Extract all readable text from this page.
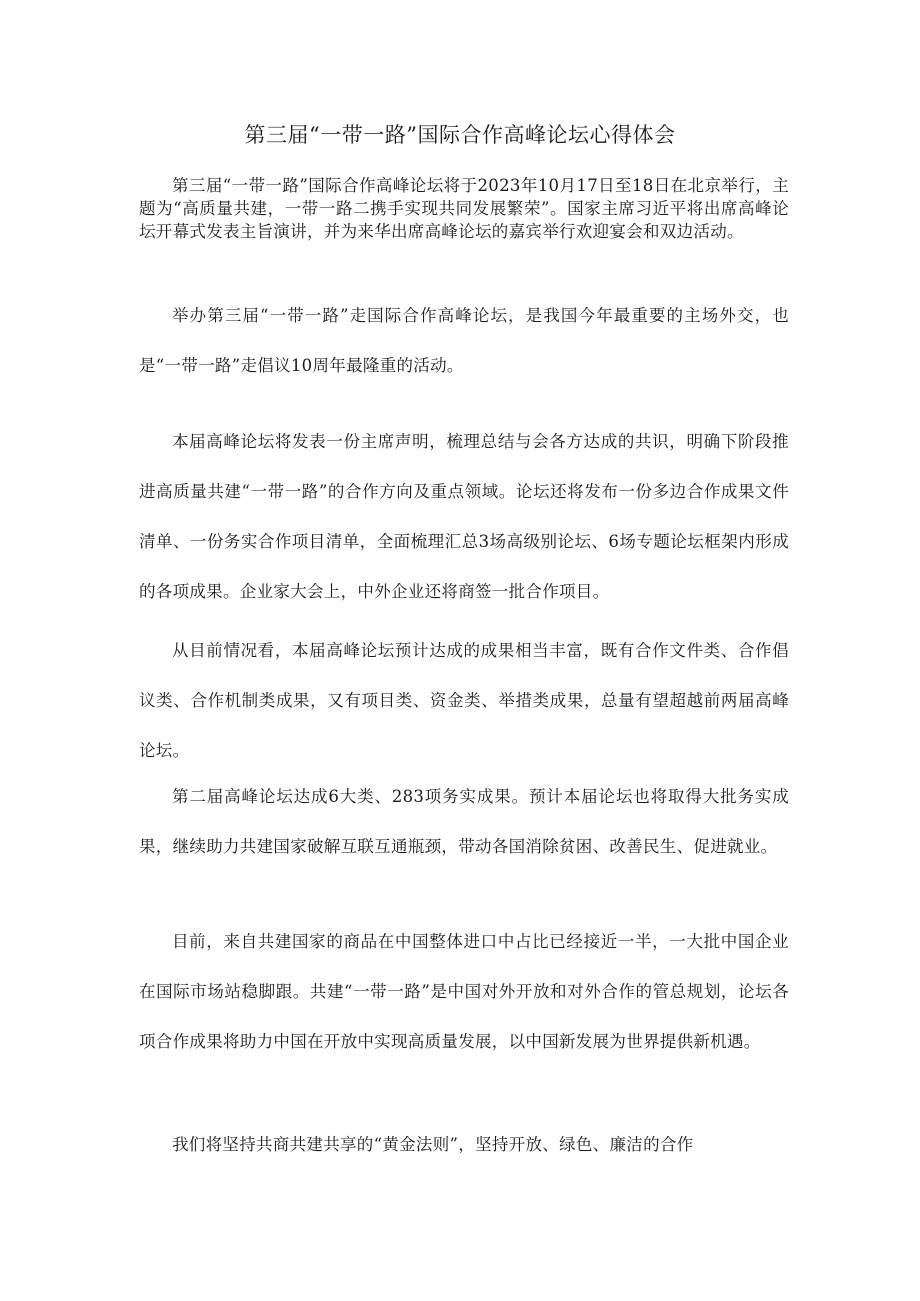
第三届“一带一路”国际合作高峰论坛心得体会

第三届“一带一路”国际合作高峰论坛将于2023年10月17日至18日在北京举行，主题为“高质量共建，一带一路二携手实现共同发展繁荣”。国家主席习近平将出席高峰论坛开幕式发表主旨演讲，并为来华出席高峰论坛的嘉宾举行欢迎宴会和双边活动。

举办第三届“一带一路”走国际合作高峰论坛，是我国今年最重要的主场外交，也是“一带一路”走倡议10周年最隆重的活动。

本届高峰论坛将发表一份主席声明，梳理总结与会各方达成的共识，明确下阶段推进高质量共建“一带一路”的合作方向及重点领域。论坛还将发布一份多边合作成果文件清单、一份务实合作项目清单，全面梳理汇总3场高级别论坛、6场专题论坛框架内形成的各项成果。企业家大会上，中外企业还将商签一批合作项目。

从目前情况看，本届高峰论坛预计达成的成果相当丰富，既有合作文件类、合作倡议类、合作机制类成果，又有项目类、资金类、举措类成果，总量有望超越前两届高峰论坛。

第二届高峰论坛达成6大类、283项务实成果。预计本届论坛也将取得大批务实成果，继续助力共建国家破解互联互通瓶颈，带动各国消除贫困、改善民生、促进就业。

目前，来自共建国家的商品在中国整体进口中占比已经接近一半，一大批中国企业在国际市场站稳脚跟。共建“一带一路”是中国对外开放和对外合作的管总规划，论坛各项合作成果将助力中国在开放中实现高质量发展，以中国新发展为世界提供新机遇。

我们将坚持共商共建共享的“黄金法则”，坚持开放、绿色、廉洁的合作
